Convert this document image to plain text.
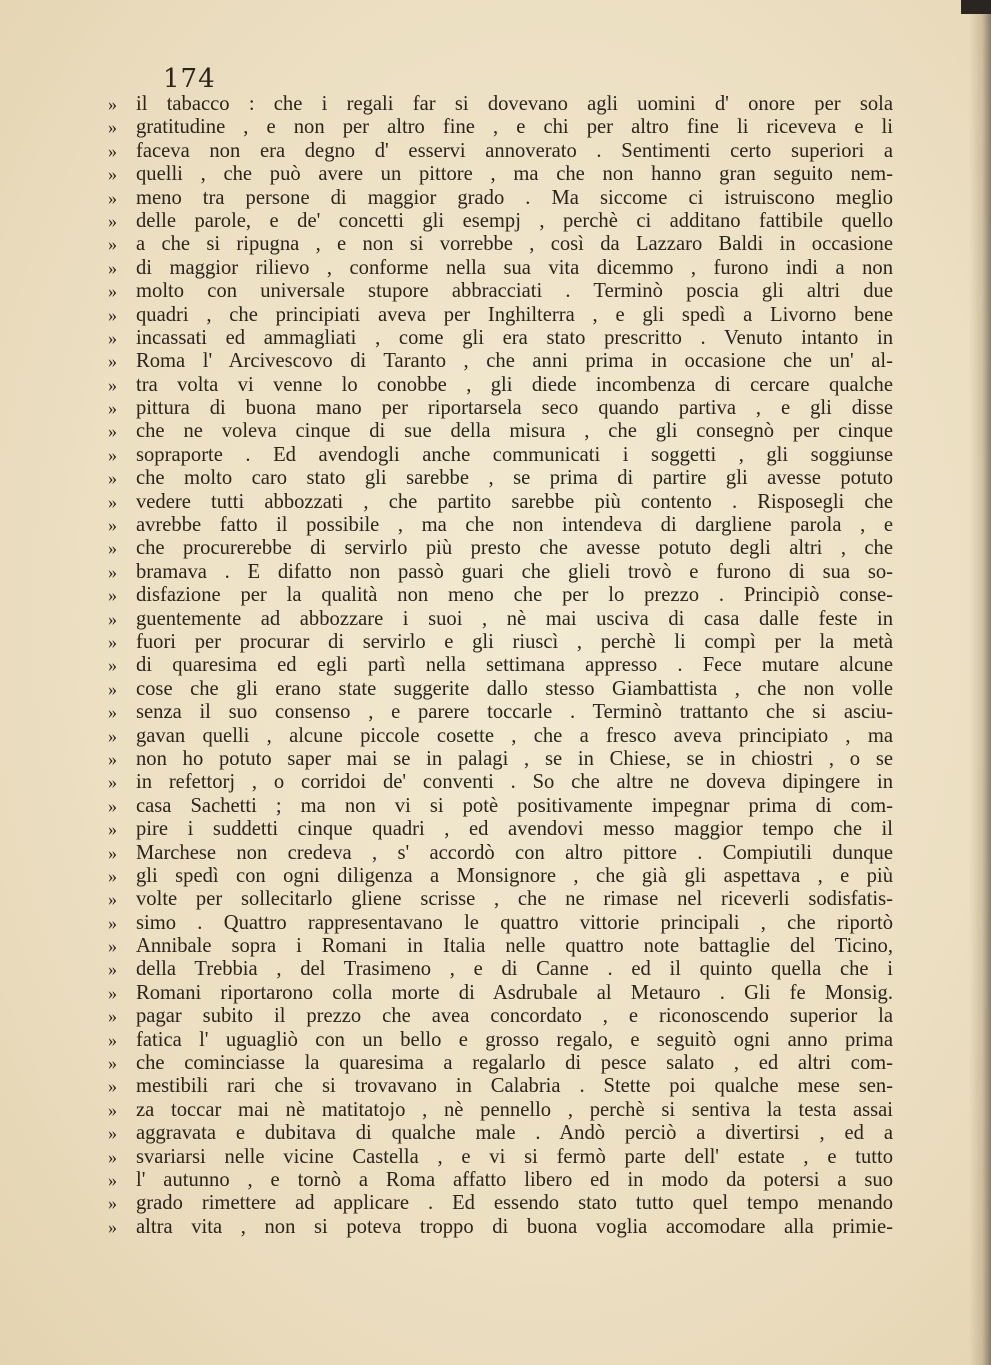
174
» il tabacco : che i regali far si dovevano agli uomini d' onore per sola
» gratitudine , e non per altro fine , e chi per altro fine li riceveva e li
» faceva non era degno d' esservi annoverato . Sentimenti certo superiori a
» quelli , che può avere un pittore , ma che non hanno gran seguito nem-
» meno tra persone di maggior grado . Ma siccome ci istruiscono meglio
» delle parole, e de' concetti gli esempj , perchè ci additano fattibile quello
» a che si ripugna , e non si vorrebbe , così da Lazzaro Baldi in occasione
» di maggior rilievo , conforme nella sua vita dicemmo , furono indi a non
» molto con universale stupore abbracciati . Terminò poscia gli altri due
» quadri , che principiati aveva per Inghilterra , e gli spedì a Livorno bene
» incassati ed ammagliati , come gli era stato prescritto . Venuto intanto in
» Roma l' Arcivescovo di Taranto , che anni prima in occasione che un' al-
» tra volta vi venne lo conobbe , gli diede incombenza di cercare qualche
» pittura di buona mano per riportarsela seco quando partiva , e gli disse
» che ne voleva cinque di sue della misura , che gli consegnò per cinque
» sopraporte . Ed avendogli anche communicati i soggetti , gli soggiunse
» che molto caro stato gli sarebbe , se prima di partire gli avesse potuto
» vedere tutti abbozzati , che partito sarebbe più contento . Risposegli che
» avrebbe fatto il possibile , ma che non intendeva di dargliene parola , e
» che procurerebbe di servirlo più presto che avesse potuto degli altri , che
» bramava . E difatto non passò guari che glieli trovò e furono di sua so-
» disfazione per la qualità non meno che per lo prezzo . Principiò conse-
» guentemente ad abbozzare i suoi , nè mai usciva di casa dalle feste in
» fuori per procurar di servirlo e gli riuscì , perchè li compì per la metà
» di quaresima ed egli partì nella settimana appresso . Fece mutare alcune
» cose che gli erano state suggerite dallo stesso Giambattista , che non volle
» senza il suo consenso , e parere toccarle . Terminò trattanto che si asciu-
» gavan quelli , alcune piccole cosette , che a fresco aveva principiato , ma
» non ho potuto saper mai se in palagi , se in Chiese, se in chiostri , o se
» in refettorj , o corridoi de' conventi . So che altre ne doveva dipingere in
» casa Sachetti ; ma non vi si potè positivamente impegnar prima di com-
» pire i suddetti cinque quadri , ed avendovi messo maggior tempo che il
» Marchese non credeva , s' accordò con altro pittore . Compiutili dunque
» gli spedì con ogni diligenza a Monsignore , che già gli aspettava , e più
» volte per sollecitarlo gliene scrisse , che ne rimase nel riceverli sodisfatis-
» simo . Quattro rappresentavano le quattro vittorie principali , che riportò
» Annibale sopra i Romani in Italia nelle quattro note battaglie del Ticino,
» della Trebbia , del Trasimeno , e di Canne . ed il quinto quella che i
» Romani riportarono colla morte di Asdrubale al Metauro . Gli fe Monsig.
» pagar subito il prezzo che avea concordato , e riconoscendo superior la
» fatica l' uguagliò con un bello e grosso regalo, e seguitò ogni anno prima
» che cominciasse la quaresima a regalarlo di pesce salato , ed altri com-
» mestibili rari che si trovavano in Calabria . Stette poi qualche mese sen-
» za toccar mai nè matitatojo , nè pennello , perchè si sentiva la testa assai
» aggravata e dubitava di qualche male . Andò perciò a divertirsi , ed a
» svariarsi nelle vicine Castella , e vi si fermò parte dell' estate , e tutto
» l' autunno , e tornò a Roma affatto libero ed in modo da potersi a suo
» grado rimettere ad applicare . Ed essendo stato tutto quel tempo menando
» altra vita , non si poteva troppo di buona voglia accomodare alla primie-
